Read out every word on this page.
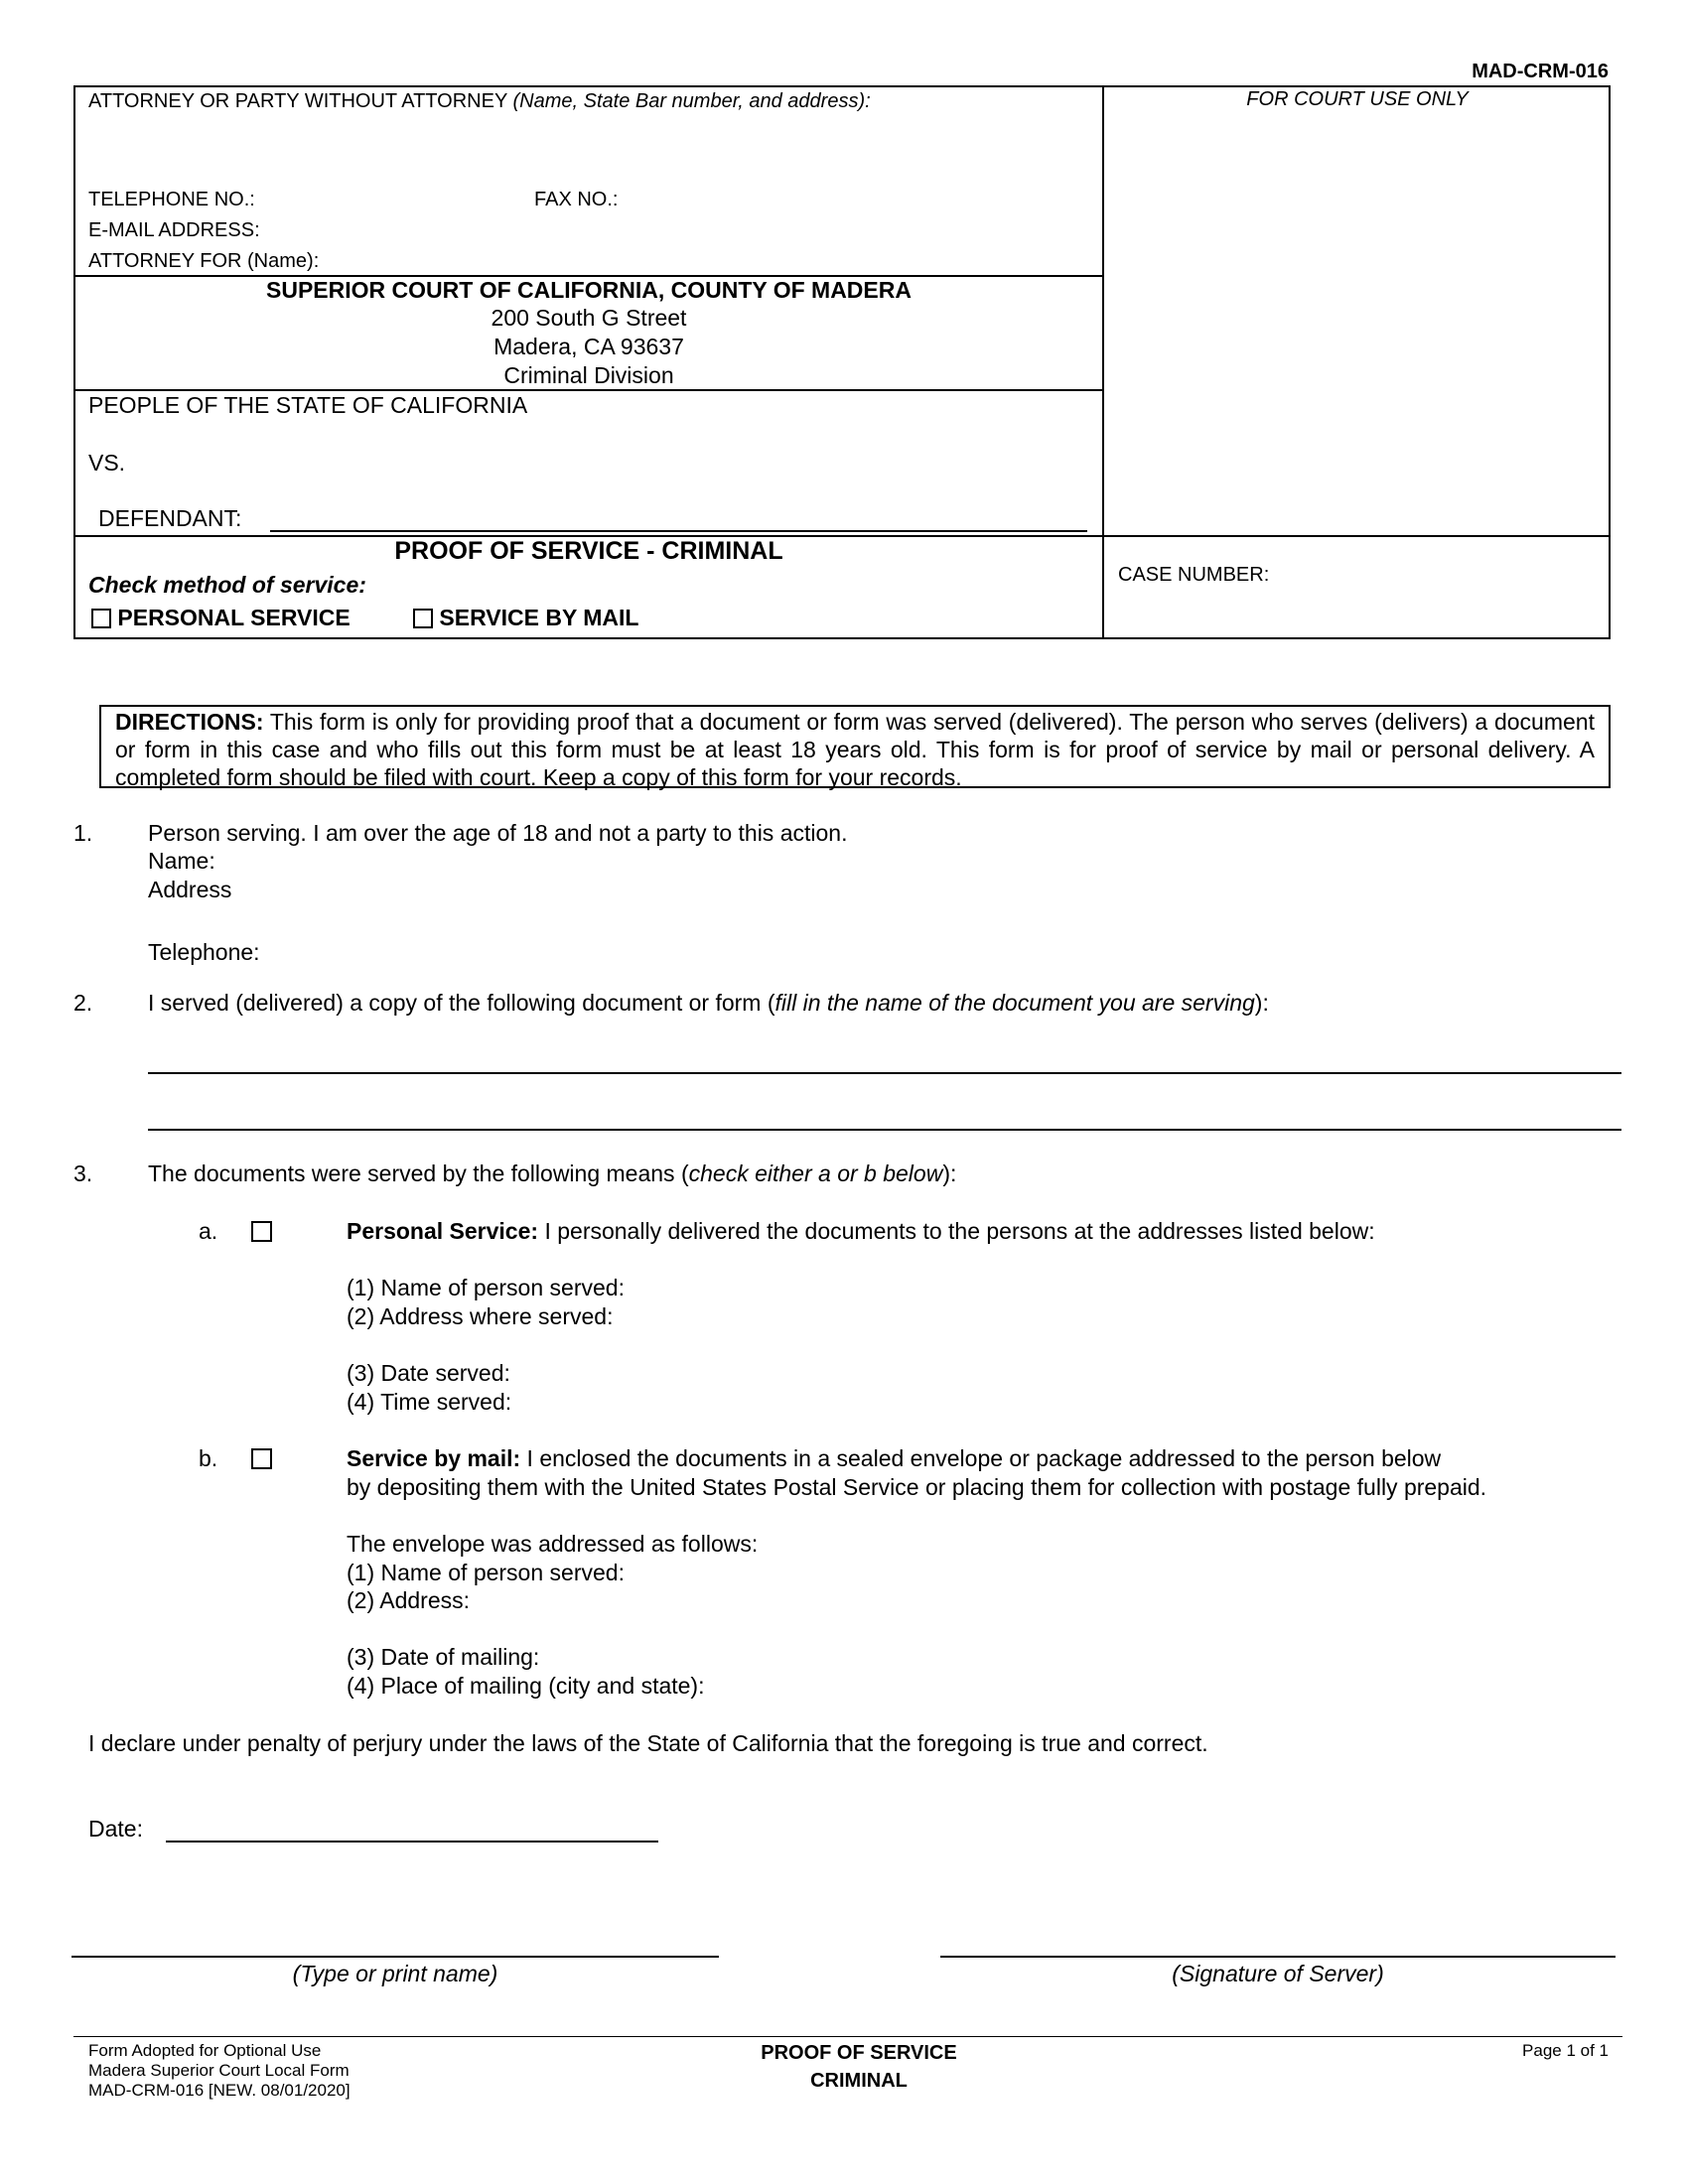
MAD-CRM-016
ATTORNEY OR PARTY WITHOUT ATTORNEY (Name, State Bar number, and address):	FOR COURT USE ONLY
TELEPHONE NO.:	FAX NO.:
E-MAIL ADDRESS:
ATTORNEY FOR (Name):
SUPERIOR COURT OF CALIFORNIA, COUNTY OF MADERA
200 South G Street
Madera, CA 93637
Criminal Division
PEOPLE OF THE STATE OF CALIFORNIA
VS.
DEFENDANT:
PROOF OF SERVICE - CRIMINAL
Check method of service:
PERSONAL SERVICE	SERVICE BY MAIL
CASE NUMBER:
DIRECTIONS: This form is only for providing proof that a document or form was served (delivered). The person who serves (delivers) a document or form in this case and who fills out this form must be at least 18 years old. This form is for proof of service by mail or personal delivery. A completed form should be filed with court. Keep a copy of this form for your records.
1. Person serving. I am over the age of 18 and not a party to this action.
Name:
Address
Telephone:
2. I served (delivered) a copy of the following document or form (fill in the name of the document you are serving):
3. The documents were served by the following means (check either a or b below):
a.	Personal Service: I personally delivered the documents to the persons at the addresses listed below:
(1) Name of person served:
(2) Address where served:
(3) Date served:
(4) Time served:
b.	Service by mail: I enclosed the documents in a sealed envelope or package addressed to the person below
by depositing them with the United States Postal Service or placing them for collection with postage fully prepaid.
The envelope was addressed as follows:
(1) Name of person served:
(2) Address:
(3) Date of mailing:
(4) Place of mailing (city and state):
I declare under penalty of perjury under the laws of the State of California that the foregoing is true and correct.
Date:
(Type or print name)	(Signature of Server)
Form Adopted for Optional Use
Madera Superior Court Local Form
MAD-CRM-016 [NEW. 08/01/2020]
PROOF OF SERVICE
CRIMINAL
Page 1 of 1
